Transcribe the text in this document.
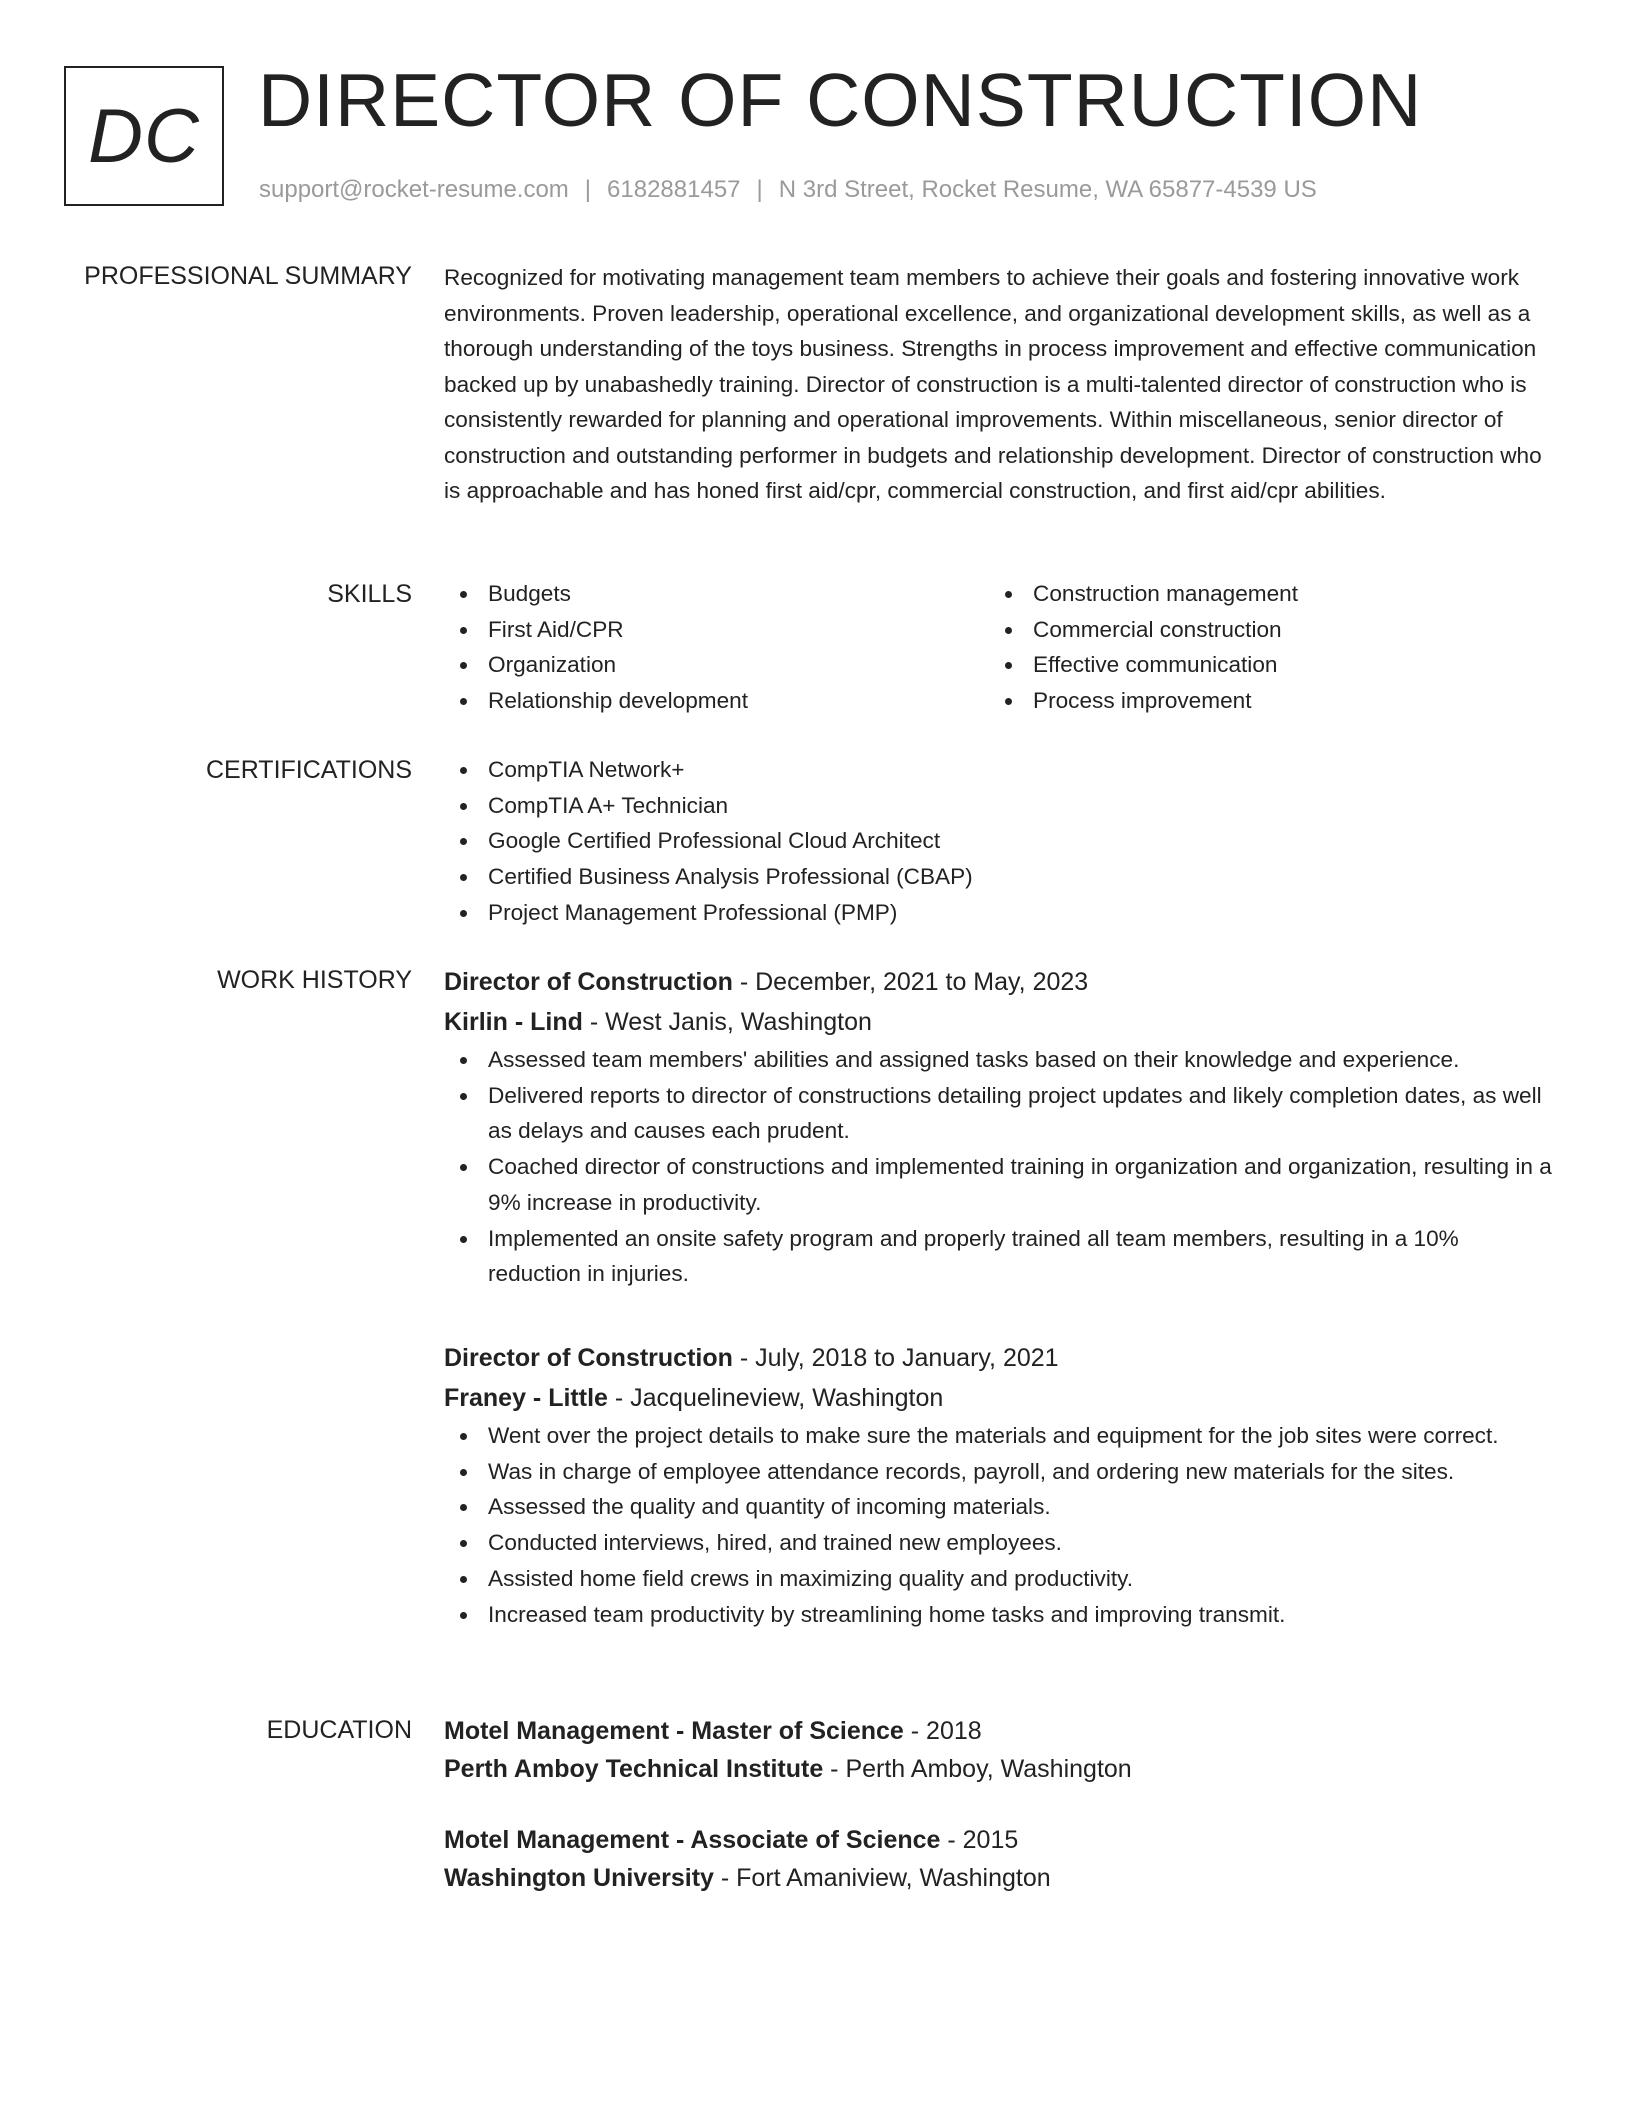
DC DIRECTOR OF CONSTRUCTION
support@rocket-resume.com | 6182881457 | N 3rd Street, Rocket Resume, WA 65877-4539 US
PROFESSIONAL SUMMARY Recognized for motivating management team members to achieve their goals and fostering innovative work environments. Proven leadership, operational excellence, and organizational development skills, as well as a thorough understanding of the toys business. Strengths in process improvement and effective communication backed up by unabashedly training. Director of construction is a multi-talented director of construction who is consistently rewarded for planning and operational improvements. Within miscellaneous, senior director of construction and outstanding performer in budgets and relationship development. Director of construction who is approachable and has honed first aid/cpr, commercial construction, and first aid/cpr abilities.

SKILLS	Budgets
First Aid/CPR
Organization
Relationship development
Construction management
Commercial construction
Effective communication
Process improvement
CERTIFICATIONS	CompTIA Network+
CompTIA A+ Technician
Google Certified Professional Cloud Architect
Certified Business Analysis Professional (CBAP)
Project Management Professional (PMP)
WORK HISTORY Director of Construction - December, 2021 to May, 2023
Kirlin - Lind - West Janis, Washington
Assessed team members' abilities and assigned tasks based on their knowledge and experience.
Delivered reports to director of constructions detailing project updates and likely completion dates, as well as delays and causes each prudent.
Coached director of constructions and implemented training in organization and organization, resulting in a 9% increase in productivity.
Implemented an onsite safety program and properly trained all team members, resulting in a 10% reduction in injuries.
Director of Construction - July, 2018 to January, 2021
Franey - Little - Jacquelineview, Washington
Went over the project details to make sure the materials and equipment for the job sites were correct.
Was in charge of employee attendance records, payroll, and ordering new materials for the sites.
Assessed the quality and quantity of incoming materials.
Conducted interviews, hired, and trained new employees.
Assisted home field crews in maximizing quality and productivity.
Increased team productivity by streamlining home tasks and improving transmit.
EDUCATION Motel Management - Master of Science - 2018
Perth Amboy Technical Institute - Perth Amboy, Washington
Motel Management - Associate of Science - 2015
Washington University - Fort Amaniview, Washington
